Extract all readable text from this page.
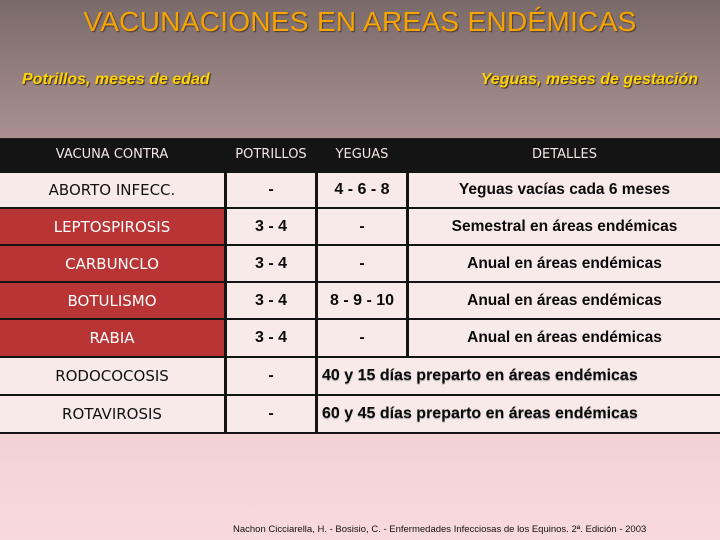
VACUNACIONES EN AREAS ENDÉMICAS
Potrillos, meses de edad	Yeguas, meses de gestación
VACUNA CONTRA	POTRILLOS	YEGUAS	DETALLES
ABORTO INFECC.	-	4 - 6 - 8	Yeguas vacías cada 6 meses
LEPTOSPIROSIS	3 - 4	-	Semestral en áreas endémicas
CARBUNCLO	3 - 4	-	Anual en áreas endémicas
BOTULISMO	3 - 4	8 - 9 - 10	Anual en áreas endémicas
RABIA	3 - 4	-	Anual en áreas endémicas
RODOCOCOSIS	-	40 y 15 días preparto en áreas endémicas
ROTAVIROSIS	-	60 y 45 días preparto en áreas endémicas
Nachon Cicciarella, H. - Bosisio, C. - Enfermedades Infecciosas de los Equinos. 2ª. Edición - 2003
